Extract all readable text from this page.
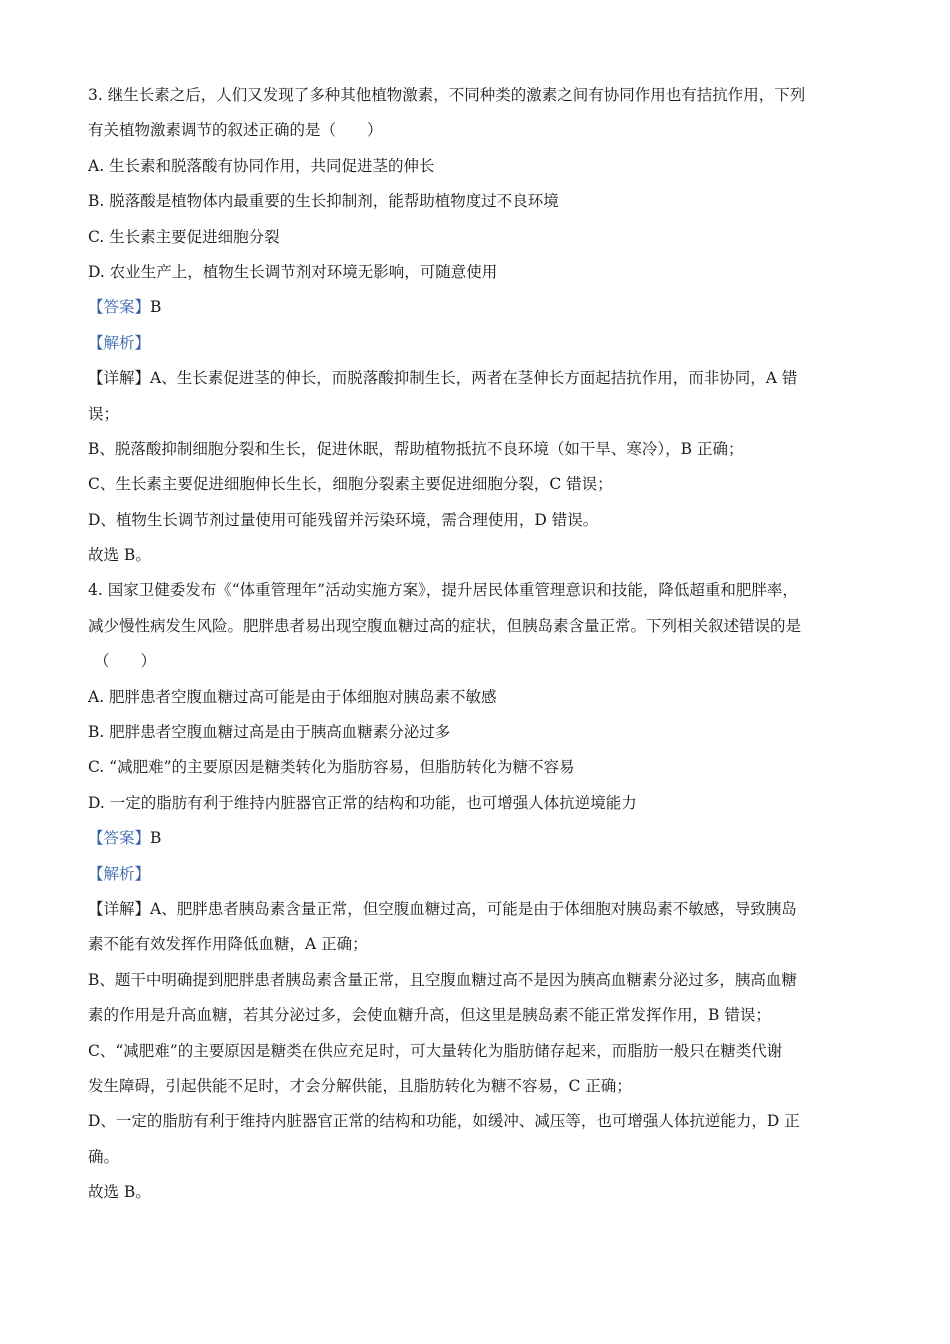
3. 继生长素之后，人们又发现了多种其他植物激素，不同种类的激素之间有协同作用也有拮抗作用，下列
有关植物激素调节的叙述正确的是（　　）
A. 生长素和脱落酸有协同作用，共同促进茎的伸长
B. 脱落酸是植物体内最重要的生长抑制剂，能帮助植物度过不良环境
C. 生长素主要促进细胞分裂
D. 农业生产上，植物生长调节剂对环境无影响，可随意使用
【答案】B
【解析】
【详解】A、生长素促进茎的伸长，而脱落酸抑制生长，两者在茎伸长方面起拮抗作用，而非协同，A 错
误；
B、脱落酸抑制细胞分裂和生长，促进休眠，帮助植物抵抗不良环境（如干旱、寒冷），B 正确；
C、生长素主要促进细胞伸长生长，细胞分裂素主要促进细胞分裂，C 错误；
D、植物生长调节剂过量使用可能残留并污染环境，需合理使用，D 错误。
故选 B。
4. 国家卫健委发布《“体重管理年”活动实施方案》，提升居民体重管理意识和技能，降低超重和肥胖率，
减少慢性病发生风险。肥胖患者易出现空腹血糖过高的症状，但胰岛素含量正常。下列相关叙述错误的是
（　　）
A. 肥胖患者空腹血糖过高可能是由于体细胞对胰岛素不敏感
B. 肥胖患者空腹血糖过高是由于胰高血糖素分泌过多
C. “减肥难”的主要原因是糖类转化为脂肪容易，但脂肪转化为糖不容易
D. 一定的脂肪有利于维持内脏器官正常的结构和功能，也可增强人体抗逆境能力
【答案】B
【解析】
【详解】A、肥胖患者胰岛素含量正常，但空腹血糖过高，可能是由于体细胞对胰岛素不敏感，导致胰岛
素不能有效发挥作用降低血糖，A 正确；
B、题干中明确提到肥胖患者胰岛素含量正常，且空腹血糖过高不是因为胰高血糖素分泌过多，胰高血糖
素的作用是升高血糖，若其分泌过多，会使血糖升高，但这里是胰岛素不能正常发挥作用，B 错误；
C、“减肥难”的主要原因是糖类在供应充足时，可大量转化为脂肪储存起来，而脂肪一般只在糖类代谢
发生障碍，引起供能不足时，才会分解供能，且脂肪转化为糖不容易，C 正确；
D、一定的脂肪有利于维持内脏器官正常的结构和功能，如缓冲、减压等，也可增强人体抗逆能力，D 正
确。
故选 B。
